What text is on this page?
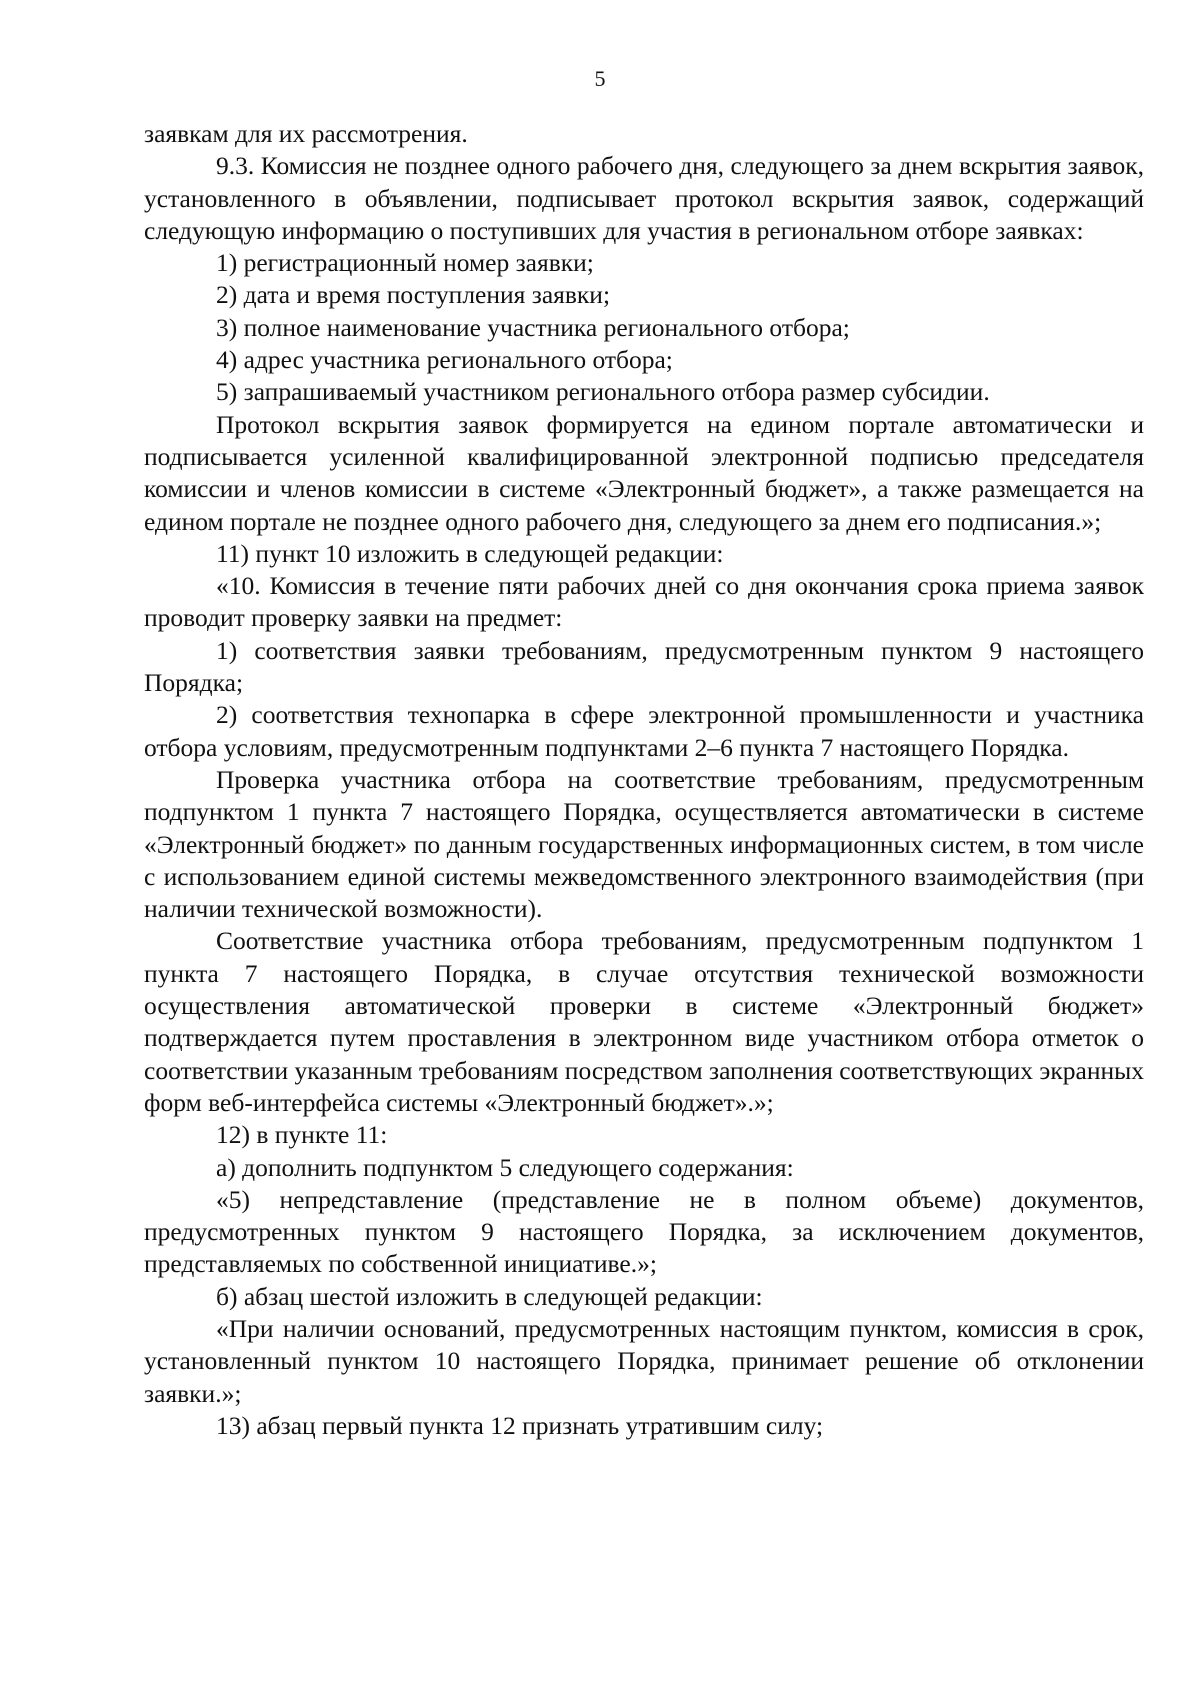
5

заявкам для их рассмотрения.

9.3. Комиссия не позднее одного рабочего дня, следующего за днем вскрытия заявок, установленного в объявлении, подписывает протокол вскрытия заявок, содержащий следующую информацию о поступивших для участия в региональном отборе заявках:

1) регистрационный номер заявки;

2) дата и время поступления заявки;

3) полное наименование участника регионального отбора;

4) адрес участника регионального отбора;

5) запрашиваемый участником регионального отбора размер субсидии.

Протокол вскрытия заявок формируется на едином портале автоматически и подписывается усиленной квалифицированной электронной подписью председателя комиссии и членов комиссии в системе «Электронный бюджет», а также размещается на едином портале не позднее одного рабочего дня, следующего за днем его подписания.»;

11) пункт 10 изложить в следующей редакции:

«10. Комиссия в течение пяти рабочих дней со дня окончания срока приема заявок проводит проверку заявки на предмет:

1) соответствия заявки требованиям, предусмотренным пунктом 9 настоящего Порядка;

2) соответствия технопарка в сфере электронной промышленности и участника отбора условиям, предусмотренным подпунктами 2–6 пункта 7 настоящего Порядка.

Проверка участника отбора на соответствие требованиям, предусмотренным подпунктом 1 пункта 7 настоящего Порядка, осуществляется автоматически в системе «Электронный бюджет» по данным государственных информационных систем, в том числе с использованием единой системы межведомственного электронного взаимодействия (при наличии технической возможности).

Соответствие участника отбора требованиям, предусмотренным подпунктом 1 пункта 7 настоящего Порядка, в случае отсутствия технической возможности осуществления автоматической проверки в системе «Электронный бюджет» подтверждается путем проставления в электронном виде участником отбора отметок о соответствии указанным требованиям посредством заполнения соответствующих экранных форм веб-интерфейса системы «Электронный бюджет».»;

12) в пункте 11:

а) дополнить подпунктом 5 следующего содержания:

«5) непредставление (представление не в полном объеме) документов, предусмотренных пунктом 9 настоящего Порядка, за исключением документов, представляемых по собственной инициативе.»;

б) абзац шестой изложить в следующей редакции:

«При наличии оснований, предусмотренных настоящим пунктом, комиссия в срок, установленный пунктом 10 настоящего Порядка, принимает решение об отклонении заявки.»;

13) абзац первый пункта 12 признать утратившим силу;
